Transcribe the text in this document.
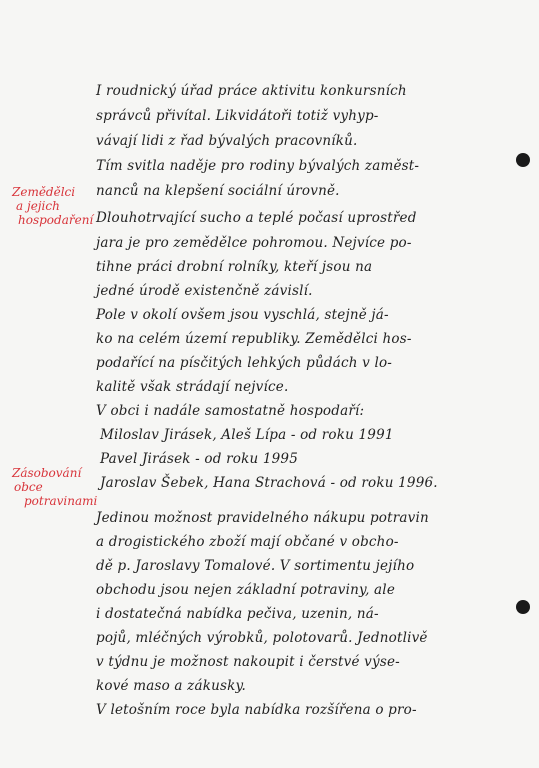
Zemědělci
a jejich
hospodaření
Zásobování
obce
potravinami
I roudnický úřad práce aktivitu konkursních
správců přivítal. Likvidátoři totiž vyhyp-
vávají lidi z řad bývalých pracovníků.
Tím svitla naděje pro rodiny bývalých zaměst-
nanců na klepšení sociální úrovně.
Dlouhotrvající sucho a teplé počasí uprostřed
jara je pro zemědělce pohromou. Nejvíce po-
tihne práci drobní rolníky, kteří jsou na
jedné úrodě existenčně závislí.
Pole v okolí ovšem jsou vyschlá, stejně já-
ko na celém území republiky. Zemědělci hos-
podařící na písčitých lehkých půdách v lo-
kalitě však strádají nejvíce.
V obci i nadále samostatně hospodaří:
Miloslav Jirásek, Aleš Lípa - od roku 1991
Pavel Jirásek - od roku 1995
Jaroslav Šebek, Hana Strachová - od roku 1996.
Jedinou možnost pravidelného nákupu potravin
a drogistického zboží mají občané v obcho-
dě p. Jaroslavy Tomalové. V sortimentu jejího
obchodu jsou nejen základní potraviny, ale
i dostatečná nabídka pečiva, uzenin, ná-
pojů, mléčných výrobků, polotovarů. Jednotlivě
v týdnu je možnost nakoupit i čerstvé výse-
kové maso a zákusky.
V letošním roce byla nabídka rozšířena o pro-
